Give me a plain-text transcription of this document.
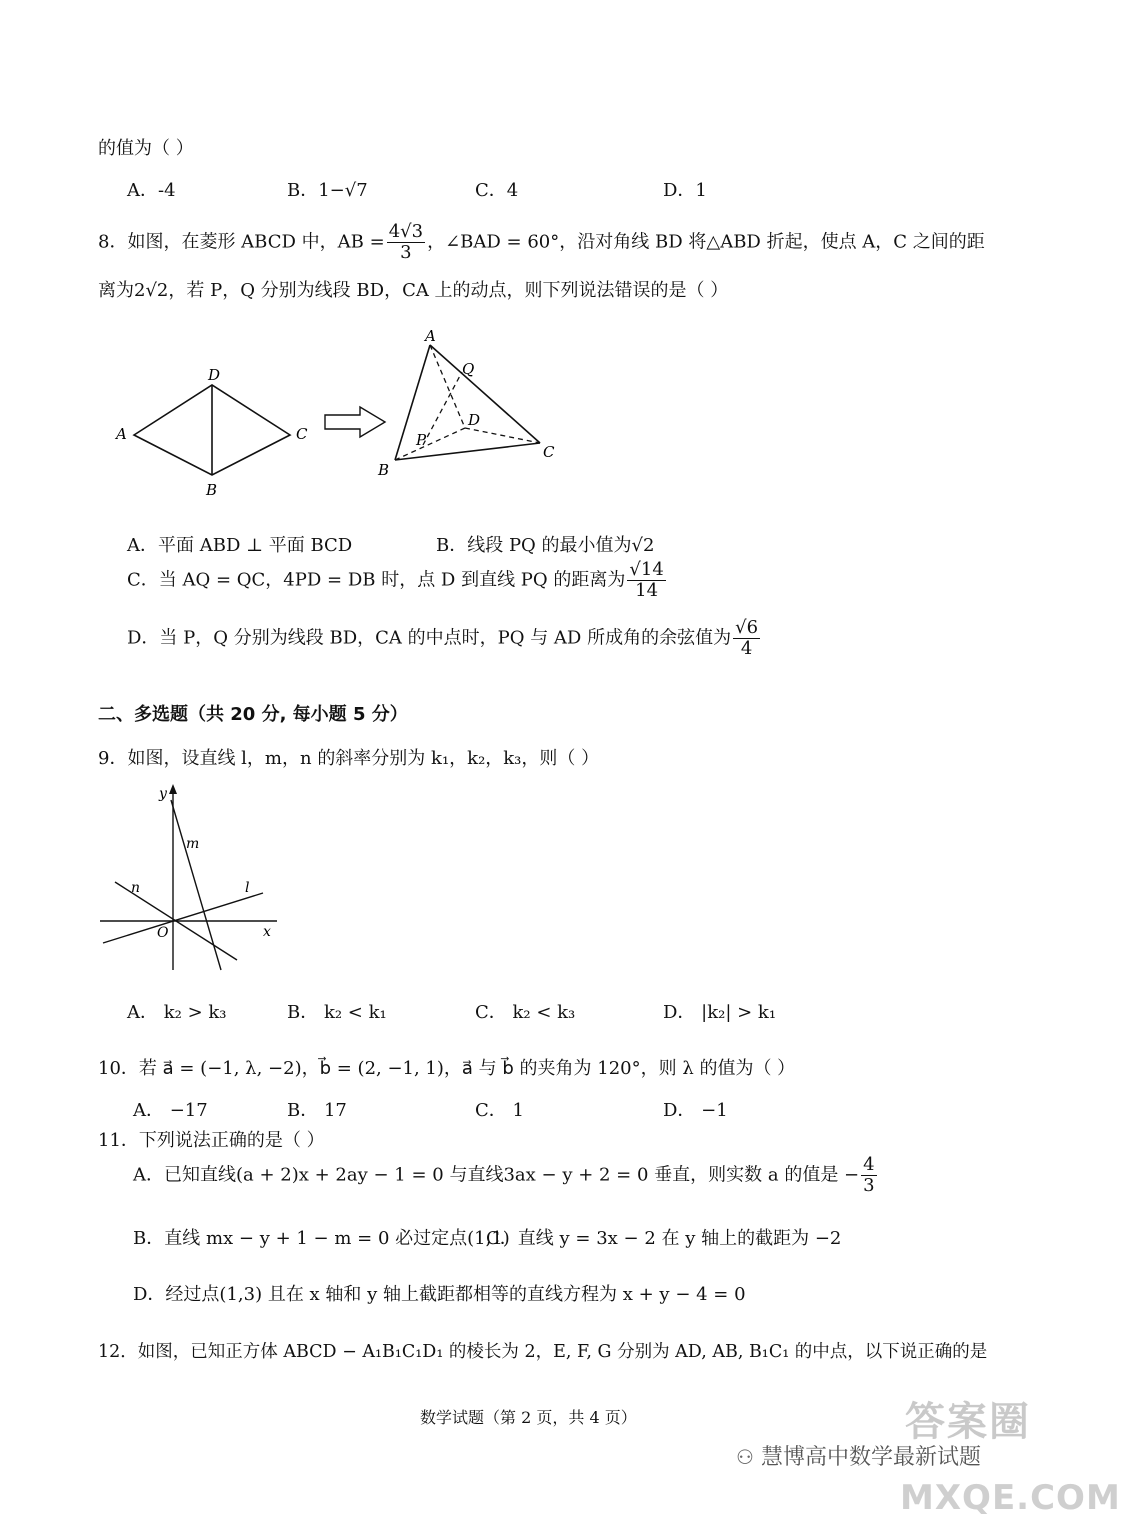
的值为（ ）
A．-4	B．1−√7	C．4	D．1
8．如图，在菱形 ABCD 中，AB = $\frac{4√3}{3}$ ，∠BAD = 60°，沿对角线 BD 将△ABD 折起，使点 A，C 之间的距
离为2√2，若 P，Q 分别为线段 BD，CA 上的动点，则下列说法错误的是（ ）
A
D
C
B
A
Q
D
P
C
B
A．平面 ABD ⊥ 平面 BCD	B．线段 PQ 的最小值为√2
C．当 AQ = QC，4PD = DB 时，点 D 到直线 PQ 的距离为 $\frac{√14}{14}$
D．当 P，Q 分别为线段 BD，CA 的中点时，PQ 与 AD 所成角的余弦值为 $\frac{√6}{4}$
二、多选题（共 20 分, 每小题 5 分）
9．如图，设直线 l，m，n 的斜率分别为 k₁，k₂，k₃，则（ ）
y
x
O
m
n	l
A． k₂ > k₃	B． k₂ < k₁	C． k₂ < k₃	D． |k₂| > k₁
10．若 a⃗ = (−1, λ, −2)，b⃗ = (2, −1, 1)，a⃗ 与 b⃗ 的夹角为 120°，则 λ 的值为（ ）
A． −17	B． 17	C． 1	D． −1
11．下列说法正确的是（ ）
A．已知直线(a + 2)x + 2ay − 1 = 0 与直线3ax − y + 2 = 0 垂直，则实数 a 的值是 − $\frac{4}{3}$
B．直线 mx − y + 1 − m = 0 必过定点(1,1)
C．直线 y = 3x − 2 在 y 轴上的截距为 −2
D．经过点(1,3) 且在 x 轴和 y 轴上截距都相等的直线方程为 x + y − 4 = 0
12．如图，已知正方体 ABCD − A₁B₁C₁D₁ 的棱长为 2，E, F, G 分别为 AD, AB, B₁C₁ 的中点，以下说正确的是
数学试题（第 2 页，共 4 页）
⚇ 慧博高中数学最新试题
答案圈
MXQE.COM
